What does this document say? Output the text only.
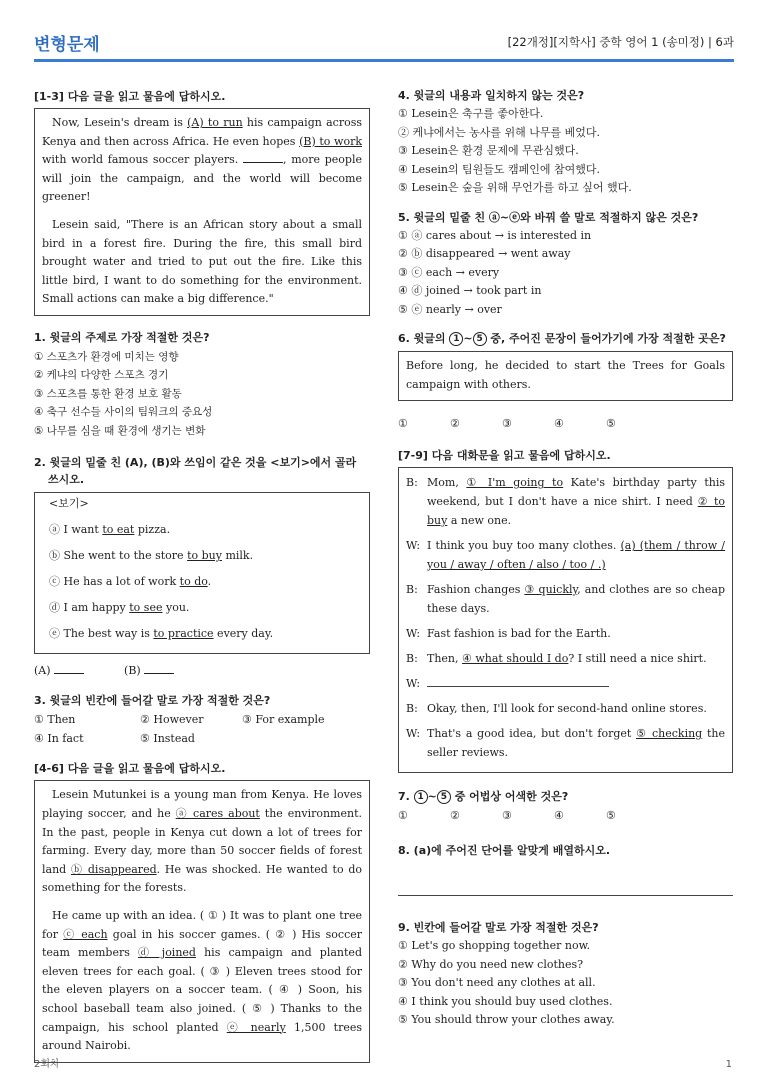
변형문제	[22개정][지학사] 중학 영어 1 (송미정) | 6과
[1-3] 다음 글을 읽고 물음에 답하시오.

Now, Lesein's dream is (A) to run his campaign across Kenya and then across Africa. He even hopes (B) to work with world famous soccer players.	, more people will join the campaign, and the world will become greener!

Lesein said, "There is an African story about a small bird in a forest fire. During the fire, this small bird brought water and tried to put out the fire. Like this little bird, I want to do something for the environment. Small actions can make a big difference."

1. 윗글의 주제로 가장 적절한 것은?
① 스포츠가 환경에 미치는 영향
② 케냐의 다양한 스포츠 경기
③ 스포츠를 통한 환경 보호 활동
④ 축구 선수들 사이의 팀워크의 중요성
⑤ 나무를 심을 때 환경에 생기는 변화
2. 윗글의 밑줄 친 (A), (B)와 쓰임이 같은 것을 <보기>에서 골라 쓰시오.
<보기>
ⓐ I want to eat pizza.
ⓑ She went to the store to buy milk.
ⓒ He has a lot of work to do.
ⓓ I am happy to see you.
ⓔ The best way is to practice every day.
(A)	(B)
3. 윗글의 빈칸에 들어갈 말로 가장 적절한 것은?
① Then	② However	③ For example
④ In fact	⑤ Instead
[4-6] 다음 글을 읽고 물음에 답하시오.

Lesein Mutunkei is a young man from Kenya. He loves playing soccer, and he ⓐ cares about the environment. In the past, people in Kenya cut down a lot of trees for farming. Every day, more than 50 soccer fields of forest land ⓑ disappeared. He was shocked. He wanted to do something for the forests.

He came up with an idea. ( ① ) It was to plant one tree for ⓒ each goal in his soccer games. ( ② ) His soccer team members ⓓ joined his campaign and planted eleven trees for each goal. ( ③ ) Eleven trees stood for the eleven players on a soccer team. ( ④ ) Soon, his school baseball team also joined. ( ⑤ ) Thanks to the campaign, his school planted ⓔ nearly 1,500 trees around Nairobi.

4. 윗글의 내용과 일치하지 않는 것은?
① Lesein은 축구를 좋아한다.
② 케냐에서는 농사를 위해 나무를 베었다.
③ Lesein은 환경 문제에 무관심했다.
④ Lesein의 팀원들도 캠페인에 참여했다.
⑤ Lesein은 숲을 위해 무언가를 하고 싶어 했다.
5. 윗글의 밑줄 친 ⓐ~ⓔ와 바꿔 쓸 말로 적절하지 않은 것은?
① ⓐ cares about → is interested in
② ⓑ disappeared → went away
③ ⓒ each → every
④ ⓓ joined → took part in
⑤ ⓔ nearly → over
6. 윗글의 1 ~ 5 중, 주어진 문장이 들어가기에 가장 적절한 곳은?
Before long, he decided to start the Trees for Goals campaign with others.
①	②	③	④	⑤
[7-9] 다음 대화문을 읽고 물음에 답하시오.
B: Mom, ① I'm going to Kate's birthday party this weekend, but I don't have a nice shirt. I need ② to buy a new one.
W: I think you buy too many clothes. (a) (them / throw / you / away / often / also / too / .)
B: Fashion changes ③ quickly, and clothes are so cheap these days.
W: Fast fashion is bad for the Earth.
B: Then, ④ what should I do? I still need a nice shirt.
W:
B: Okay, then, I'll look for second-hand online stores.
W: That's a good idea, but don't forget ⑤ checking the seller reviews.
7. 1 ~ 5 중 어법상 어색한 것은?
①	②	③	④	⑤
8. (a)에 주어진 단어를 알맞게 배열하시오.
9. 빈칸에 들어갈 말로 가장 적절한 것은?
① Let's go shopping together now.
② Why do you need new clothes?
③ You don't need any clothes at all.
④ I think you should buy used clothes.
⑤ You should throw your clothes away.
2회차	1
